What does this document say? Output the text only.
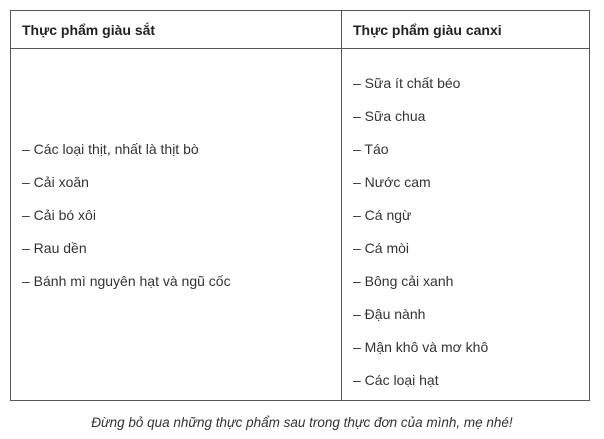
Thực phẩm giàu sắt	Thực phẩm giàu canxi
– Các loại thịt, nhất là thịt bò
– Cải xoăn
– Cải bó xôi
– Rau dền
– Bánh mì nguyên hạt và ngũ cốc
– Sữa ít chất béo
– Sữa chua
– Táo
– Nước cam
– Cá ngừ
– Cá mòi
– Bông cải xanh
– Đậu nành
– Mận khô và mơ khô
– Các loại hạt
Đừng bỏ qua những thực phẩm sau trong thực đơn của mình, mẹ nhé!
